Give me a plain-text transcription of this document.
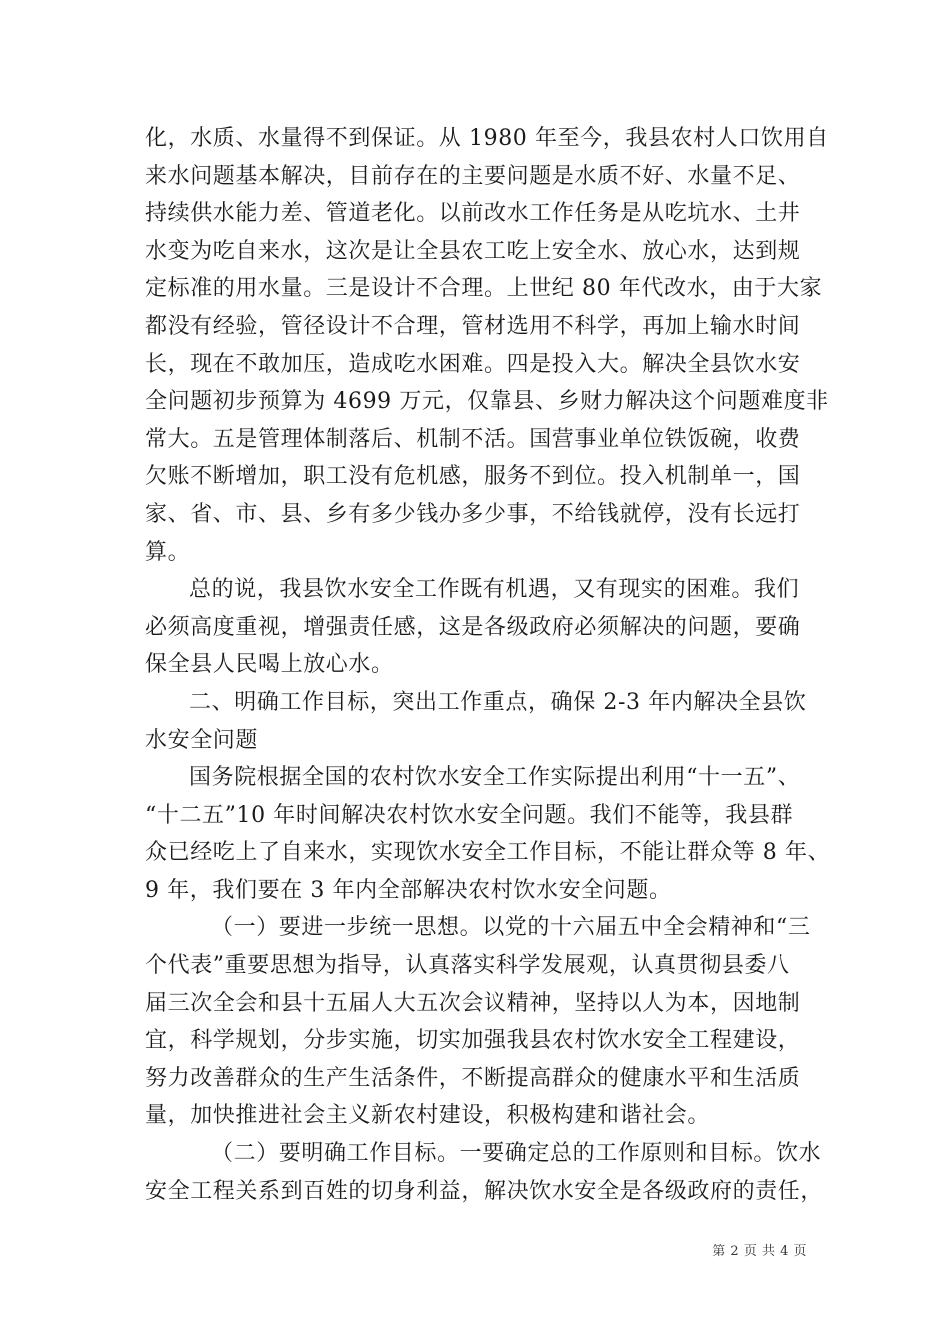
化，水质、水量得不到保证。从 1980 年至今，我县农村人口饮用自
来水问题基本解决，目前存在的主要问题是水质不好、水量不足、
持续供水能力差、管道老化。以前改水工作任务是从吃坑水、土井
水变为吃自来水，这次是让全县农工吃上安全水、放心水，达到规
定标准的用水量。三是设计不合理。上世纪 80 年代改水，由于大家
都没有经验，管径设计不合理，管材选用不科学，再加上输水时间
长，现在不敢加压，造成吃水困难。四是投入大。解决全县饮水安
全问题初步预算为 4699 万元，仅靠县、乡财力解决这个问题难度非
常大。五是管理体制落后、机制不活。国营事业单位铁饭碗，收费
欠账不断增加，职工没有危机感，服务不到位。投入机制单一，国
家、省、市、县、乡有多少钱办多少事，不给钱就停，没有长远打
算。
总的说，我县饮水安全工作既有机遇，又有现实的困难。我们
必须高度重视，增强责任感，这是各级政府必须解决的问题，要确
保全县人民喝上放心水。
二、明确工作目标，突出工作重点，确保 2-3 年内解决全县饮
水安全问题
国务院根据全国的农村饮水安全工作实际提出利用“十一五”、
“十二五”10 年时间解决农村饮水安全问题。我们不能等，我县群
众已经吃上了自来水，实现饮水安全工作目标，不能让群众等 8 年、
9 年，我们要在 3 年内全部解决农村饮水安全问题。
（一）要进一步统一思想。以党的十六届五中全会精神和“三
个代表”重要思想为指导，认真落实科学发展观，认真贯彻县委八
届三次全会和县十五届人大五次会议精神，坚持以人为本，因地制
宜，科学规划，分步实施，切实加强我县农村饮水安全工程建设，
努力改善群众的生产生活条件，不断提高群众的健康水平和生活质
量，加快推进社会主义新农村建设，积极构建和谐社会。
（二）要明确工作目标。一要确定总的工作原则和目标。饮水
安全工程关系到百姓的切身利益，解决饮水安全是各级政府的责任，
第 2 页 共 4 页
